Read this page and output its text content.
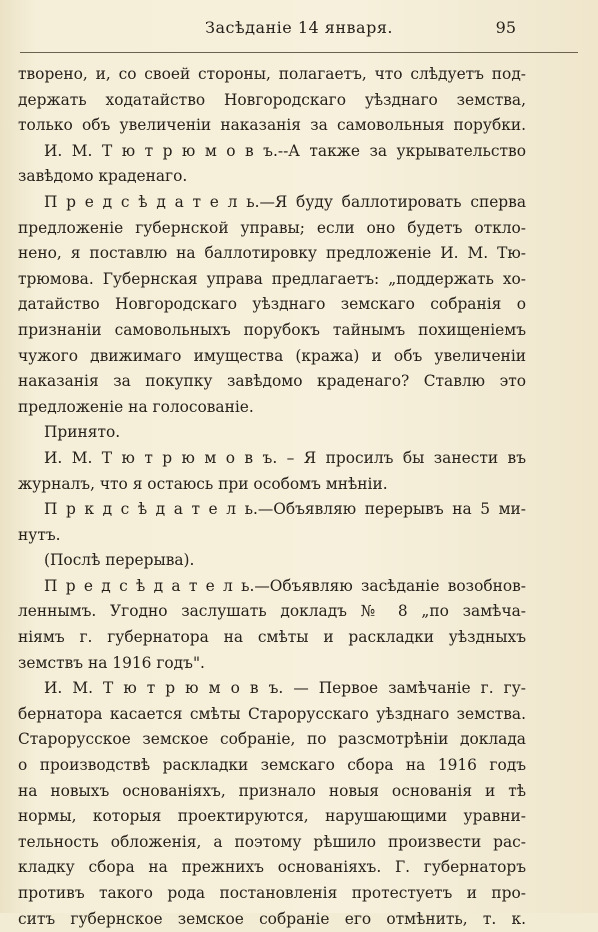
Засѣданіе 14 января.	95
творено, и, со своей стороны, полагаетъ, что слѣдуетъ под-
держать ходатайство Новгородскаго уѣзднаго земства,
только объ увеличеніи наказанія за самовольныя порубки.
И. М. Т ю т р ю м о в ъ.--А также за укрывательство
завѣдомо краденаго.
П р е д с ѣ д а т е л ь.—Я буду баллотировать сперва
предложеніе губернской управы; если оно будетъ откло-
нено, я поставлю на баллотировку предложеніе И. М. Тю-
трюмова. Губернская управа предлагаетъ: „поддержать хо-
датайство Новгородскаго уѣзднаго земскаго собранія о
признаніи самовольныхъ порубокъ тайнымъ похищеніемъ
чужого движимаго имущества (кража) и объ увеличеніи
наказанія за покупку завѣдомо краденаго? Ставлю это
предложеніе на голосованіе.
Принято.
И. М. Т ю т р ю м о в ъ. – Я просилъ бы занести въ
журналъ, что я остаюсь при особомъ мнѣніи.
П р к д с ѣ д а т е л ь.—Объявляю перерывъ на 5 ми-
нутъ.
(Послѣ перерыва).
П р е д с ѣ д а т е л ь.—Объявляю засѣданіе возобнов-
леннымъ. Угодно заслушать докладъ № 8 „по замѣча-
ніямъ г. губернатора на смѣты и раскладки уѣздныхъ
земствъ на 1916 годъ".
И. М. Т ю т р ю м о в ъ. — Первое замѣчаніе г. гу-
бернатора касается смѣты Старорусскаго уѣзднаго земства.
Старорусское земское собраніе, по разсмотрѣніи доклада
о производствѣ раскладки земскаго сбора на 1916 годъ
на новыхъ основаніяхъ, признало новыя основанія и тѣ
нормы, которыя проектируются, нарушающими уравни-
тельность обложенія, а поэтому рѣшило произвести рас-
кладку сбора на прежнихъ основаніяхъ. Г. губернаторъ
противъ такого рода постановленія протестуетъ и про-
ситъ губернское земское собраніе его отмѣнить, т. к.
